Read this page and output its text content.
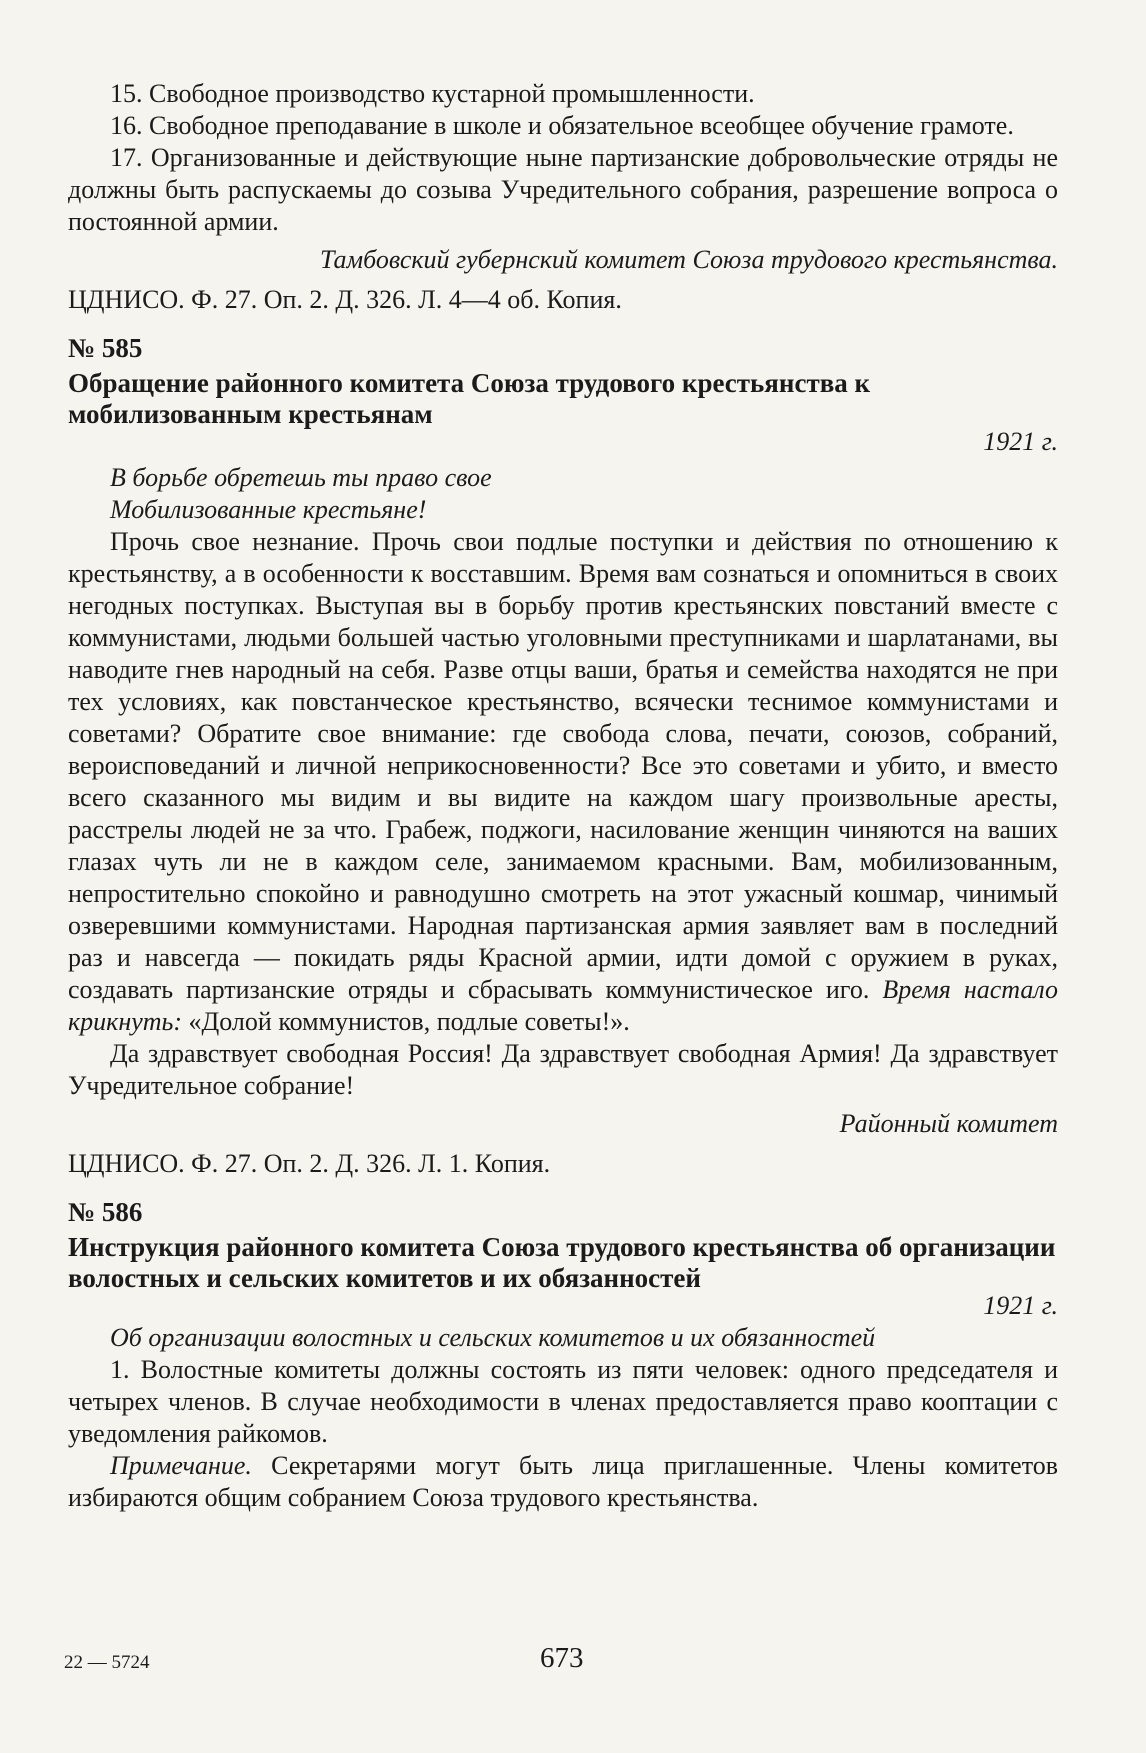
15. Свободное производство кустарной промышленности.

16. Свободное преподавание в школе и обязательное всеобщее обучение грамоте.

17. Организованные и действующие ныне партизанские добровольческие отряды не должны быть распускаемы до созыва Учредительного собрания, разрешение вопроса о постоянной армии.

Тамбовский губернский комитет Союза трудового крестьянства.

ЦДНИСО. Ф. 27. Оп. 2. Д. 326. Л. 4—4 об. Копия.

№ 585

Обращение районного комитета Союза трудового крестьянства к мобилизованным крестьянам

1921 г.

В борьбе обретешь ты право свое

Мобилизованные крестьяне!

Прочь свое незнание. Прочь свои подлые поступки и действия по отношению к крестьянству, а в особенности к восставшим. Время вам сознаться и опомниться в своих негодных поступках. Выступая вы в борьбу против крестьянских повстаний вместе с коммунистами, людьми большей частью уголовными преступниками и шарлатанами, вы наводите гнев народный на себя. Разве отцы ваши, братья и семейства находятся не при тех условиях, как повстанческое крестьянство, всячески теснимое коммунистами и советами? Обратите свое внимание: где свобода слова, печати, союзов, собраний, вероисповеданий и личной неприкосновенности? Все это советами и убито, и вместо всего сказанного мы видим и вы видите на каждом шагу произвольные аресты, расстрелы людей не за что. Грабеж, поджоги, насилование женщин чиняются на ваших глазах чуть ли не в каждом селе, занимаемом красными. Вам, мобилизованным, непростительно спокойно и равнодушно смотреть на этот ужасный кошмар, чинимый озверевшими коммунистами. Народная партизанская армия заявляет вам в последний раз и навсегда — покидать ряды Красной армии, идти домой с оружием в руках, создавать партизанские отряды и сбрасывать коммунистическое иго. Время настало крикнуть: «Долой коммунистов, подлые советы!».

Да здравствует свободная Россия! Да здравствует свободная Армия! Да здравствует Учредительное собрание!

Районный комитет

ЦДНИСО. Ф. 27. Оп. 2. Д. 326. Л. 1. Копия.

№ 586

Инструкция районного комитета Союза трудового крестьянства об организации волостных и сельских комитетов и их обязанностей

1921 г.

Об организации волостных и сельских комитетов и их обязанностей

1. Волостные комитеты должны состоять из пяти человек: одного председателя и четырех членов. В случае необходимости в членах предоставляется право кооптации с уведомления райкомов.

Примечание. Секретарями могут быть лица приглашенные. Члены комитетов избираются общим собранием Союза трудового крестьянства.

22 — 5724	673
